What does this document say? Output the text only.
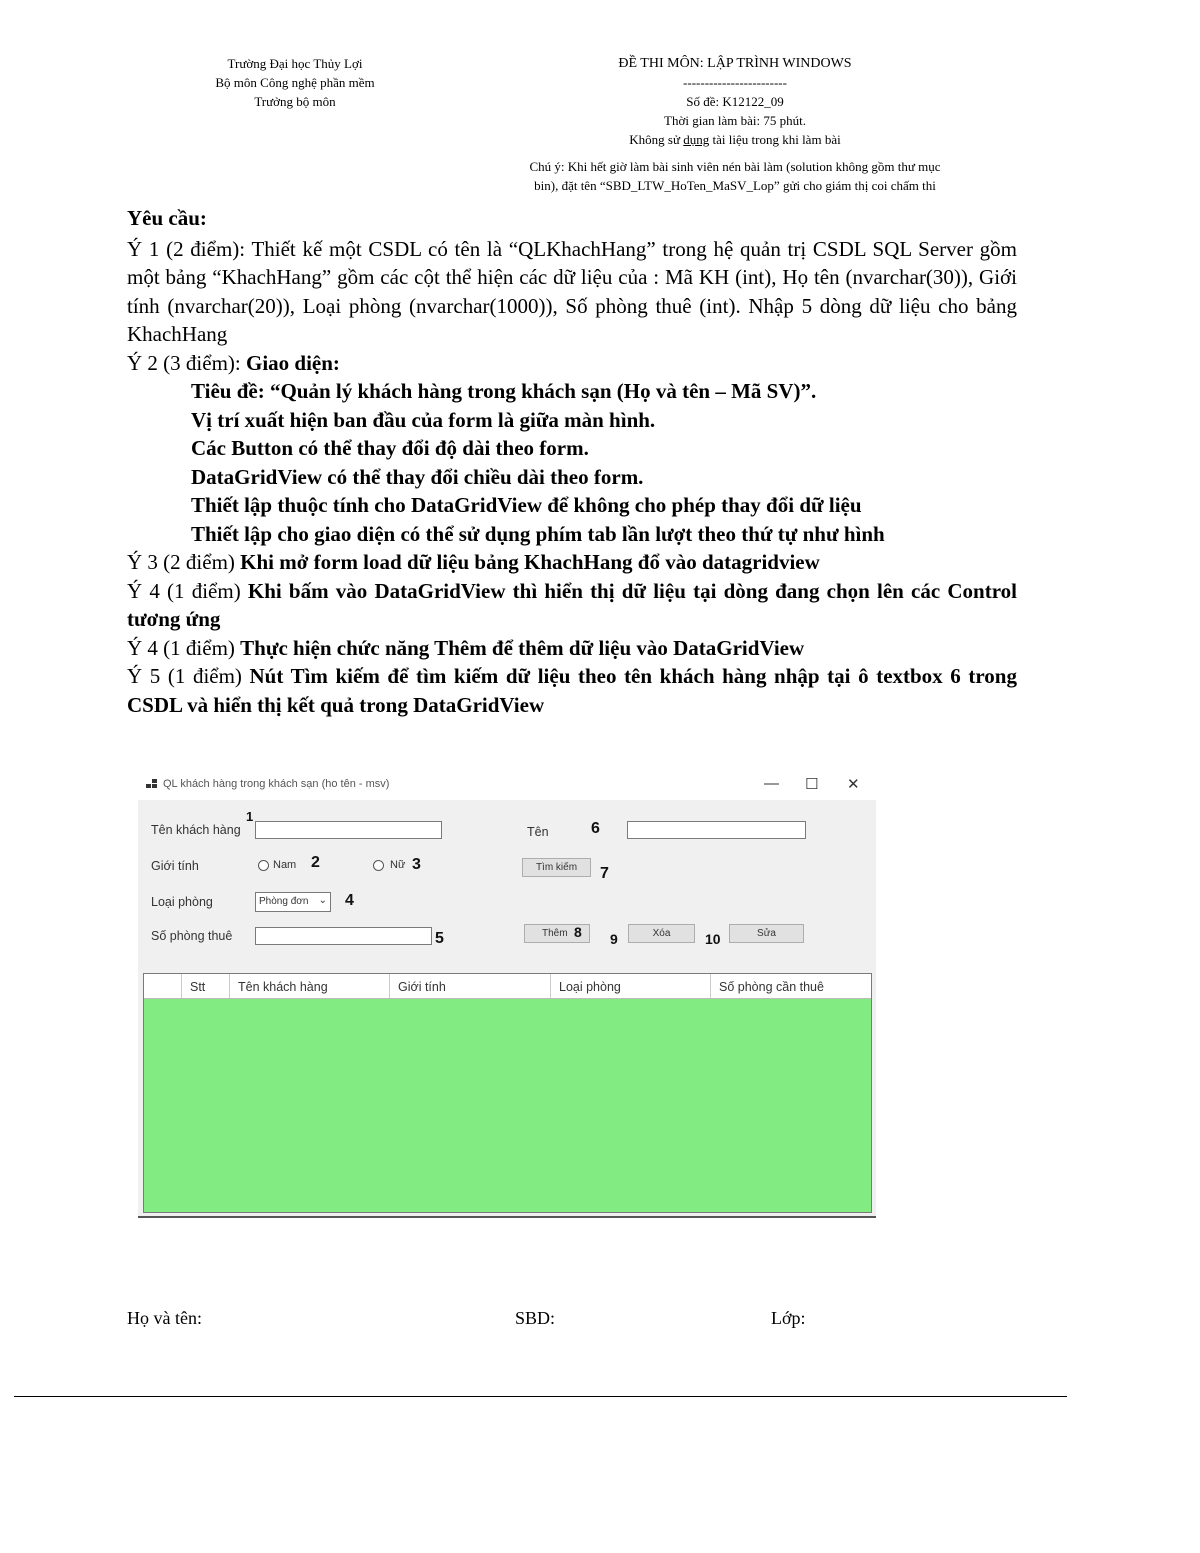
Trường Đại học Thủy Lợi
Bộ môn Công nghệ phần mềm
Trưởng bộ môn
ĐỀ THI MÔN: LẬP TRÌNH WINDOWS
------------------------
Số đề: K12122_09
Thời gian làm bài: 75 phút.
Không sử dụng tài liệu trong khi làm bài
Chú ý: Khi hết giờ làm bài sinh viên nén bài làm (solution không gồm thư mục
bin), đặt tên “SBD_LTW_HoTen_MaSV_Lop” gửi cho giám thị coi chấm thi

Yêu cầu:

Ý 1 (2 điểm): Thiết kế một CSDL có tên là “QLKhachHang” trong hệ quản trị CSDL SQL Server gồm một bảng “KhachHang” gồm các cột thể hiện các dữ liệu của : Mã KH (int), Họ tên (nvarchar(30)), Giới tính (nvarchar(20)), Loại phòng (nvarchar(1000)), Số phòng thuê (int). Nhập 5 dòng dữ liệu cho bảng KhachHang

Ý 2 (3 điểm): Giao diện:

Tiêu đề: “Quản lý khách hàng trong khách sạn (Họ và tên – Mã SV)”.

Vị trí xuất hiện ban đầu của form là giữa màn hình.

Các Button có thể thay đổi độ dài theo form.

DataGridView có thể thay đổi chiều dài theo form.

Thiết lập thuộc tính cho DataGridView để không cho phép thay đổi dữ liệu

Thiết lập cho giao diện có thể sử dụng phím tab lần lượt theo thứ tự như hình

Ý 3 (2 điểm) Khi mở form load dữ liệu bảng KhachHang đổ vào datagridview

Ý 4 (1 điểm) Khi bấm vào DataGridView thì hiển thị dữ liệu tại dòng đang chọn lên các Control tương ứng

Ý 4 (1 điểm) Thực hiện chức năng Thêm để thêm dữ liệu vào DataGridView

Ý 5 (1 điểm) Nút Tìm kiếm để tìm kiếm dữ liệu theo tên khách hàng nhập tại ô textbox 6 trong CSDL và hiển thị kết quả trong DataGridView

QL khách hàng trong khách sạn (ho tên - msv)	— ☐ ✕
Tên khách hàng
1
Giới tính	Nam 2	Nữ 3
Loại phòng	Phòng đơn ⌄ 4
Số phòng thuê	5
Tên	6
Tìm kiếm	7
Thêm 8 9	Xóa	10	Sửa
Stt	Tên khách hàng	Giới tính	Loại phòng	Số phòng cần thuê
Họ và tên:	SBD:	Lớp:
